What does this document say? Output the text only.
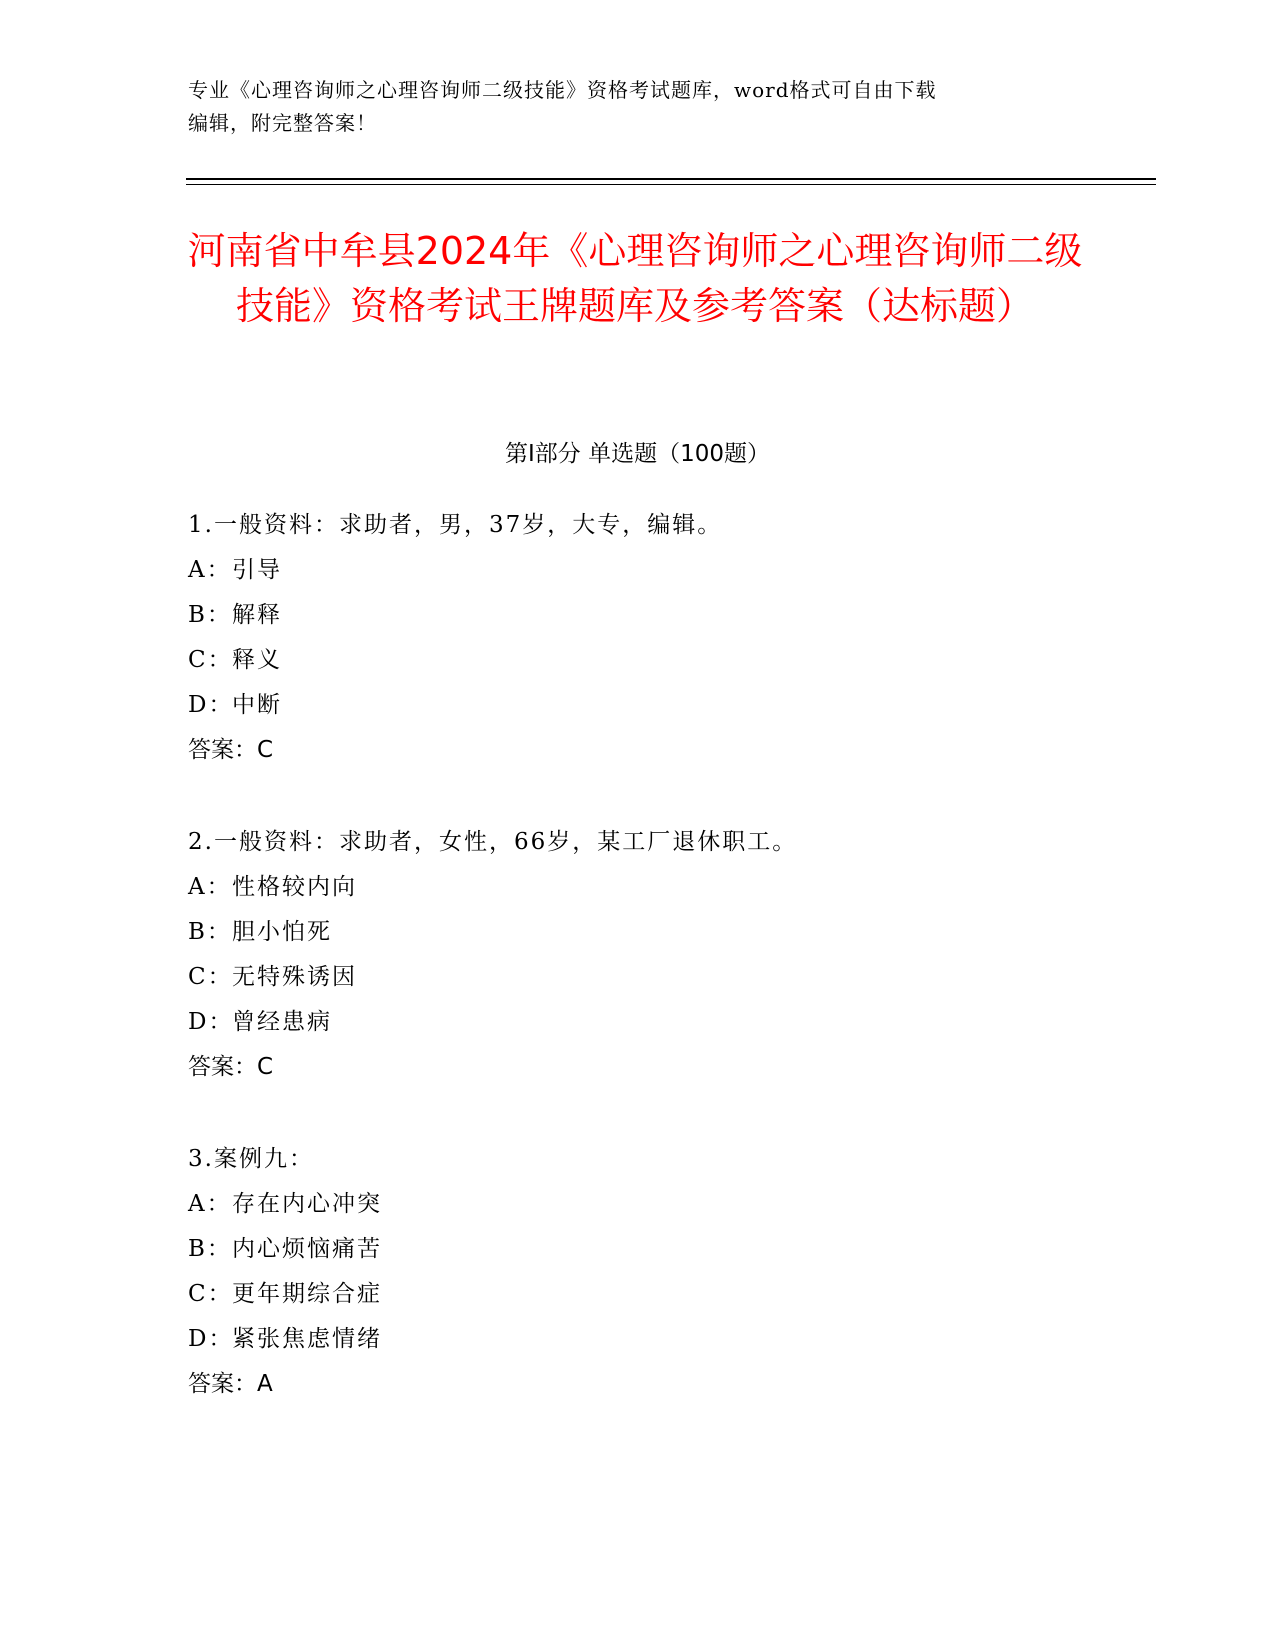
专业《心理咨询师之心理咨询师二级技能》资格考试题库，word格式可自由下载
编辑，附完整答案！
河南省中牟县2024年《心理咨询师之心理咨询师二级技能》资格考试王牌题库及参考答案（达标题）
第Ⅰ部分 单选题（100题）
1.一般资料：求助者，男，37岁，大专，编辑。
A：引导
B：解释
C：释义
D：中断
答案：C
2.一般资料：求助者，女性，66岁，某工厂退休职工。
A：性格较内向
B：胆小怕死
C：无特殊诱因
D：曾经患病
答案：C
3.案例九：
A：存在内心冲突
B：内心烦恼痛苦
C：更年期综合症
D：紧张焦虑情绪
答案：A
